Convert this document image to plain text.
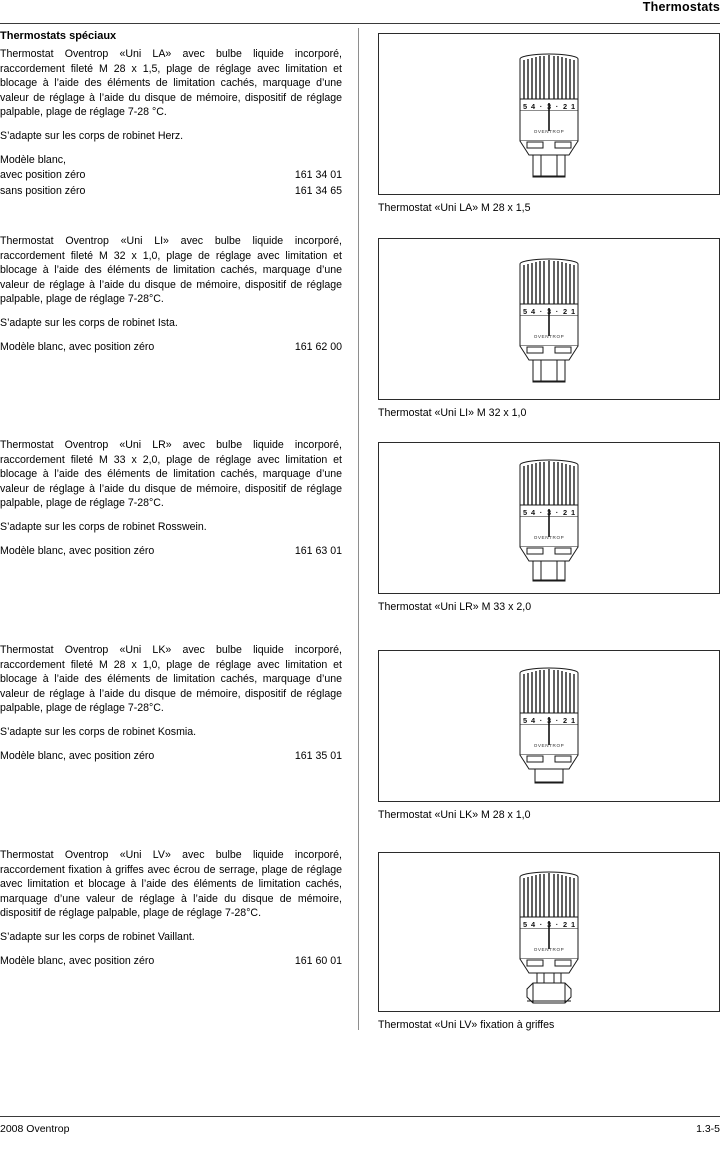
Thermostats
Thermostats spéciaux

Thermostat Oventrop «Uni LA» avec bulbe liquide incorporé, raccordement fileté M 28 x 1,5, plage de réglage avec limitation et blocage à l’aide des éléments de limitation cachés, marquage d’une valeur de réglage à l’aide du disque de mémoire, dispositif de réglage palpable, plage de réglage 7-28 °C.

S’adapte sur les corps de robinet Herz.

Modèle blanc,

avec position zéro	161 34 01
sans position zéro	161 34 65

Thermostat Oventrop «Uni LI» avec bulbe liquide incorporé, raccordement fileté M 32 x 1,0, plage de réglage avec limitation et blocage à l’aide des éléments de limitation cachés, marquage d’une valeur de réglage à l’aide du disque de mémoire, dispositif de réglage palpable, plage de réglage 7-28°C.

S’adapte sur les corps de robinet Ista.

Modèle blanc, avec position zéro	161 62 00

Thermostat Oventrop «Uni LR» avec bulbe liquide incorporé, raccordement fileté M 33 x 2,0, plage de réglage avec limitation et blocage à l’aide des éléments de limitation cachés, marquage d’une valeur de réglage à l’aide du disque de mémoire, dispositif de réglage palpable, plage de réglage 7-28°C.

S’adapte sur les corps de robinet Rosswein.

Modèle blanc, avec position zéro	161 63 01

Thermostat Oventrop «Uni LK» avec bulbe liquide incorporé, raccordement fileté M 28 x 1,0, plage de réglage avec limitation et blocage à l’aide des éléments de limitation cachés, marquage d’une valeur de réglage à l’aide du disque de mémoire, dispositif de réglage palpable, plage de réglage 7-28°C.

S’adapte sur les corps de robinet Kosmia.

Modèle blanc, avec position zéro	161 35 01

Thermostat Oventrop «Uni LV» avec bulbe liquide incorporé, raccordement fixation à griffes avec écrou de serrage, plage de réglage avec limitation et blocage à l’aide des éléments de limitation cachés, marquage d’une valeur de réglage à l’aide du disque de mémoire, dispositif de réglage palpable, plage de réglage 7-28°C.

S’adapte sur les corps de robinet Vaillant.

Modèle blanc, avec position zéro	161 60 01
OVENTROP
5 4 · 3 · 2 1
Thermostat «Uni LA» M 28 x 1,5
OVENTROP
5 4 · 3 · 2 1
Thermostat «Uni LI» M 32 x 1,0
OVENTROP
5 4 · 3 · 2 1
Thermostat «Uni LR» M 33 x 2,0
OVENTROP
5 4 · 3 · 2 1
Thermostat «Uni LK» M 28 x 1,0
OVENTROP
5 4 · 3 · 2 1
Thermostat «Uni LV» fixation à griffes
2008 Oventrop	1.3-5
